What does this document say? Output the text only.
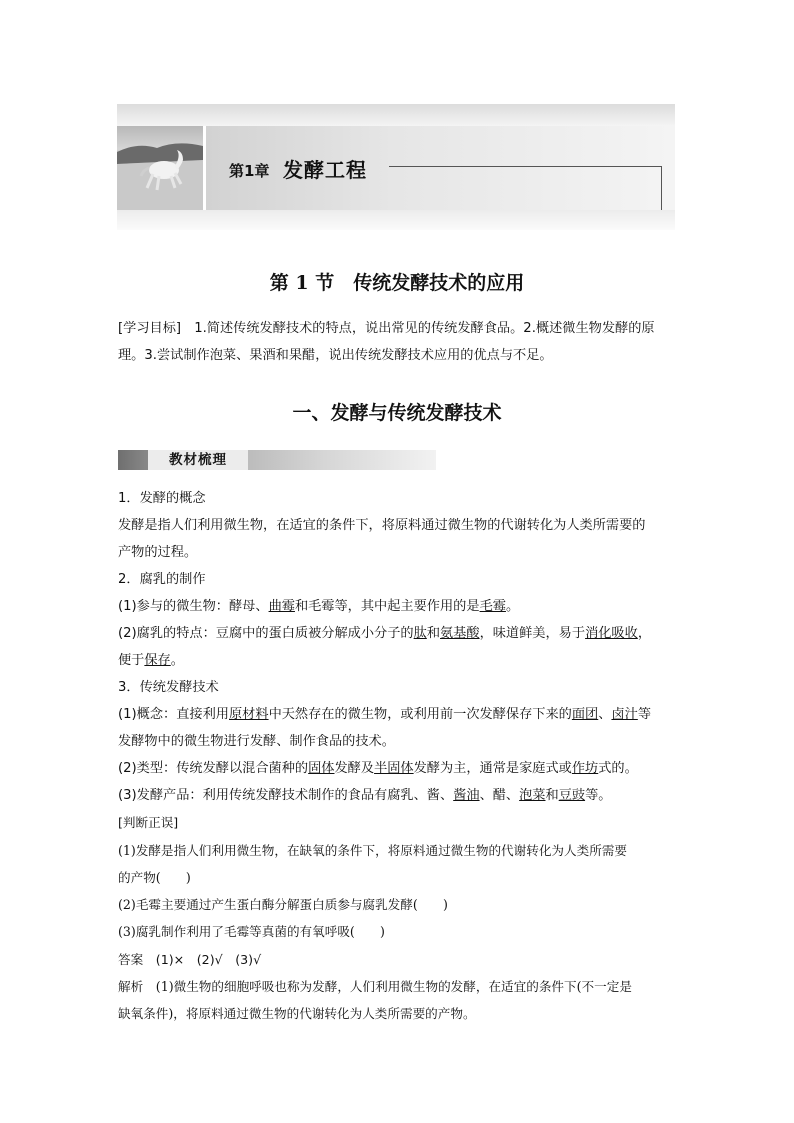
第1章 发酵工程
第 1 节　传统发酵技术的应用
[学习目标]　1.简述传统发酵技术的特点，说出常见的传统发酵食品。2.概述微生物发酵的原
理。3.尝试制作泡菜、果酒和果醋，说出传统发酵技术应用的优点与不足。
一、发酵与传统发酵技术
教材梳理
1．发酵的概念
发酵是指人们利用微生物，在适宜的条件下，将原料通过微生物的代谢转化为人类所需要的
产物的过程。
2．腐乳的制作
(1)参与的微生物：酵母、曲霉和毛霉等，其中起主要作用的是毛霉。
(2)腐乳的特点：豆腐中的蛋白质被分解成小分子的肽和氨基酸，味道鲜美，易于消化吸收，
便于保存。
3．传统发酵技术
(1)概念：直接利用原材料中天然存在的微生物，或利用前一次发酵保存下来的面团、卤汁等
发酵物中的微生物进行发酵、制作食品的技术。
(2)类型：传统发酵以混合菌种的固体发酵及半固体发酵为主，通常是家庭式或作坊式的。
(3)发酵产品：利用传统发酵技术制作的食品有腐乳、酱、酱油、醋、泡菜和豆豉等。
[判断正误]
(1)发酵是指人们利用微生物，在缺氧的条件下，将原料通过微生物的代谢转化为人类所需要
的产物(　　)
(2)毛霉主要通过产生蛋白酶分解蛋白质参与腐乳发酵(　　)
(3)腐乳制作利用了毛霉等真菌的有氧呼吸(　　)
答案　(1)×　(2)√　(3)√
解析　(1)微生物的细胞呼吸也称为发酵，人们利用微生物的发酵，在适宜的条件下(不一定是
缺氧条件)，将原料通过微生物的代谢转化为人类所需要的产物。
